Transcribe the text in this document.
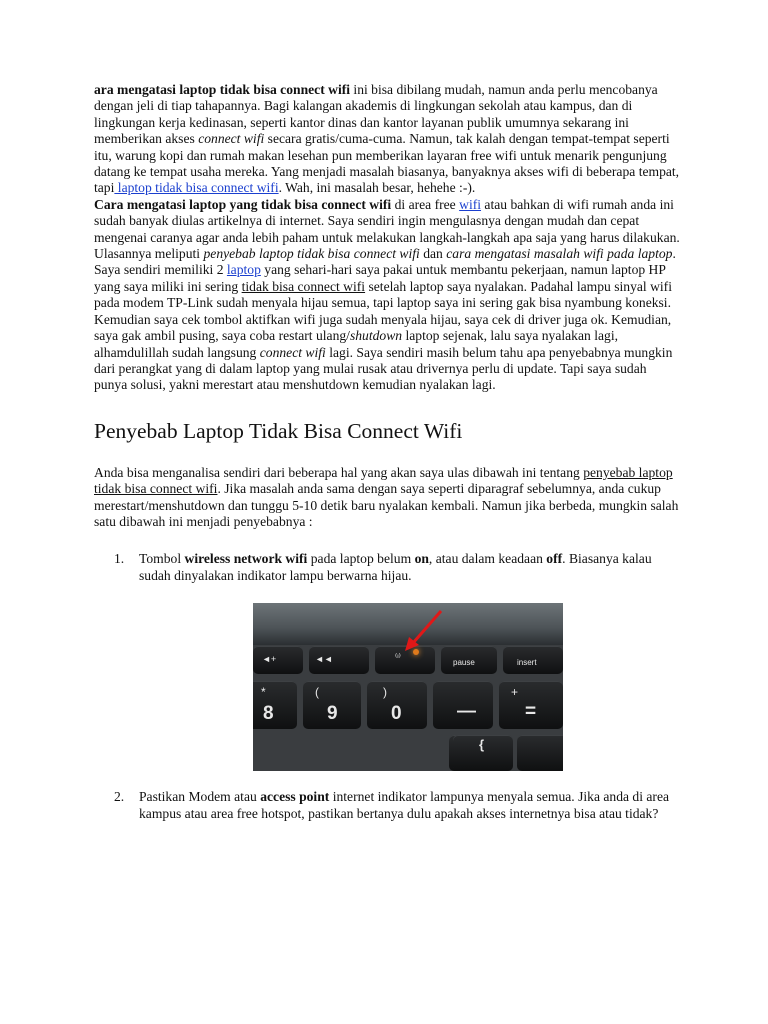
ara mengatasi laptop tidak bisa connect wifi ini bisa dibilang mudah, namun anda perlu mencobanya dengan jeli di tiap tahapannya. Bagi kalangan akademis di lingkungan sekolah atau kampus, dan di lingkungan kerja kedinasan, seperti kantor dinas dan kantor layanan publik umumnya sekarang ini memberikan akses connect wifi secara gratis/cuma-cuma. Namun, tak kalah dengan tempat-tempat seperti itu, warung kopi dan rumah makan lesehan pun memberikan layaran free wifi untuk menarik pengunjung datang ke tempat usaha mereka. Yang menjadi masalah biasanya, banyaknya akses wifi di beberapa tempat, tapi laptop tidak bisa connect wifi. Wah, ini masalah besar, hehehe :-).

Cara mengatasi laptop yang tidak bisa connect wifi di area free wifi atau bahkan di wifi rumah anda ini sudah banyak diulas artikelnya di internet. Saya sendiri ingin mengulasnya dengan mudah dan cepat mengenai caranya agar anda lebih paham untuk melakukan langkah-langkah apa saja yang harus dilakukan. Ulasannya meliputi penyebab laptop tidak bisa connect wifi dan cara mengatasi masalah wifi pada laptop.

Saya sendiri memiliki 2 laptop yang sehari-hari saya pakai untuk membantu pekerjaan, namun laptop HP yang saya miliki ini sering tidak bisa connect wifi setelah laptop saya nyalakan. Padahal lampu sinyal wifi pada modem TP-Link sudah menyala hijau semua, tapi laptop saya ini sering gak bisa nyambung koneksi. Kemudian saya cek tombol aktifkan wifi juga sudah menyala hijau, saya cek di driver juga ok. Kemudian, saya gak ambil pusing, saya coba restart ulang/shutdown laptop sejenak, lalu saya nyalakan lagi, alhamdulillah sudah langsung connect wifi lagi. Saya sendiri masih belum tahu apa penyebabnya mungkin dari perangkat yang di dalam laptop yang mulai rusak atau drivernya perlu di update. Tapi saya sudah punya solusi, yakni merestart atau menshutdown kemudian nyalakan lagi.

Penyebab Laptop Tidak Bisa Connect Wifi

Anda bisa menganalisa sendiri dari beberapa hal yang akan saya ulas dibawah ini tentang penyebab laptop tidak bisa connect wifi. Jika masalah anda sama dengan saya seperti diparagraf sebelumnya, anda cukup merestart/menshutdown dan tunggu 5-10 detik baru nyalakan kembali. Namun jika berbeda, mungkin salah satu dibawah ini menjadi penyebabnya :

1. Tombol wireless network wifi pada laptop belum on, atau dalam keadaan off. Biasanya kalau sudah dinyalakan indikator lampu berwarna hijau.
◄+	◄◄	⁽ᶦ⁾
pause	insert
*
8
(
9
)
0	—
+
=
{
2. Pastikan Modem atau access point internet indikator lampunya menyala semua. Jika anda di area kampus atau area free hotspot, pastikan bertanya dulu apakah akses internetnya bisa atau tidak?
